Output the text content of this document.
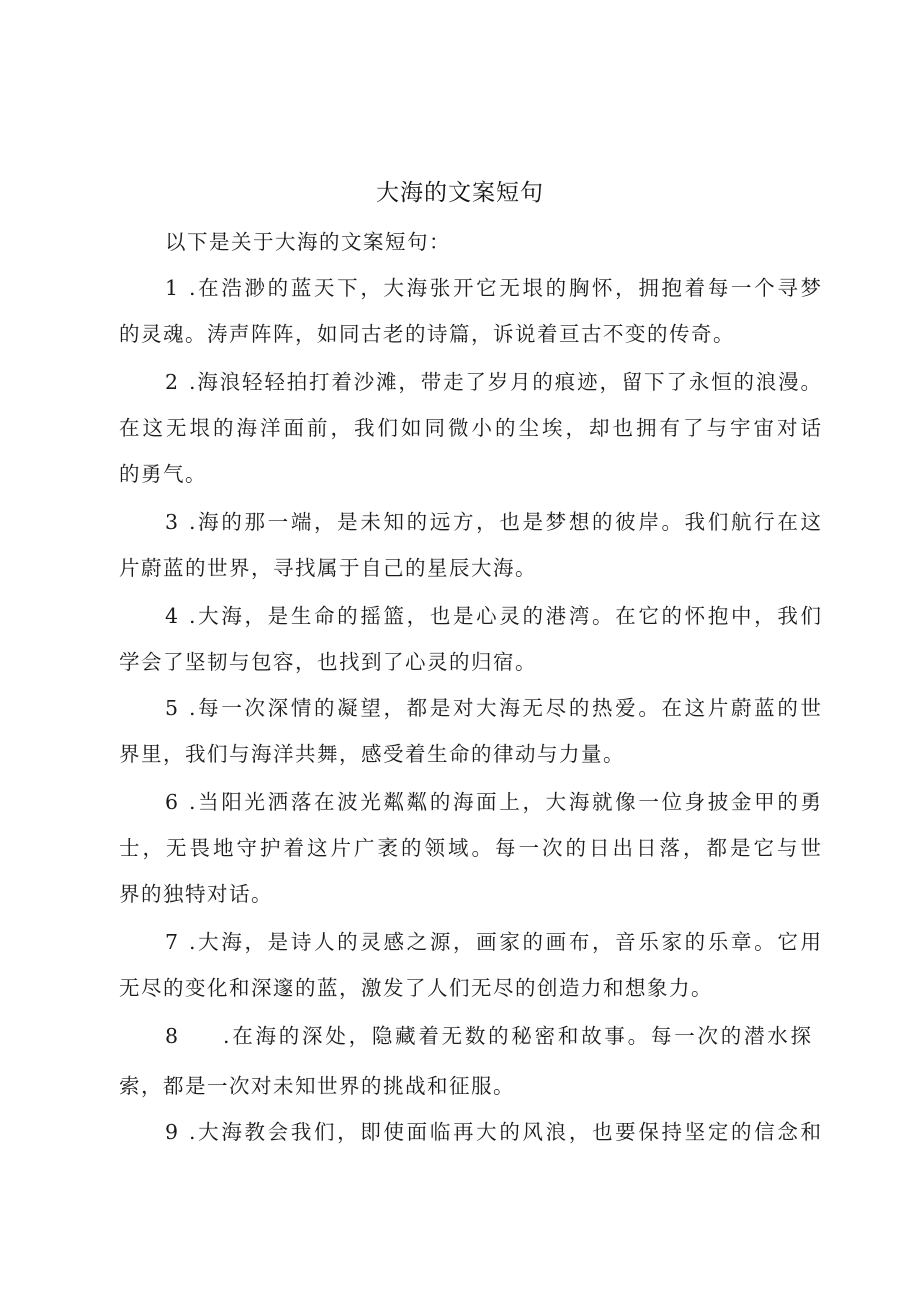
大海的文案短句
以下是关于大海的文案短句：
1 .在浩渺的蓝天下，大海张开它无垠的胸怀，拥抱着每一个寻梦
的灵魂。涛声阵阵，如同古老的诗篇，诉说着亘古不变的传奇。
2 .海浪轻轻拍打着沙滩，带走了岁月的痕迹，留下了永恒的浪漫。
在这无垠的海洋面前，我们如同微小的尘埃，却也拥有了与宇宙对话
的勇气。
3 .海的那一端，是未知的远方，也是梦想的彼岸。我们航行在这
片蔚蓝的世界，寻找属于自己的星辰大海。
4 .大海，是生命的摇篮，也是心灵的港湾。在它的怀抱中，我们
学会了坚韧与包容，也找到了心灵的归宿。
5 .每一次深情的凝望，都是对大海无尽的热爱。在这片蔚蓝的世
界里，我们与海洋共舞，感受着生命的律动与力量。
6 .当阳光洒落在波光粼粼的海面上，大海就像一位身披金甲的勇
士，无畏地守护着这片广袤的领域。每一次的日出日落，都是它与世
界的独特对话。
7 .大海，是诗人的灵感之源，画家的画布，音乐家的乐章。它用
无尽的变化和深邃的蓝，激发了人们无尽的创造力和想象力。
8 .在海的深处，隐藏着无数的秘密和故事。每一次的潜水探
索，都是一次对未知世界的挑战和征服。
9 .大海教会我们，即使面临再大的风浪，也要保持坚定的信念和
